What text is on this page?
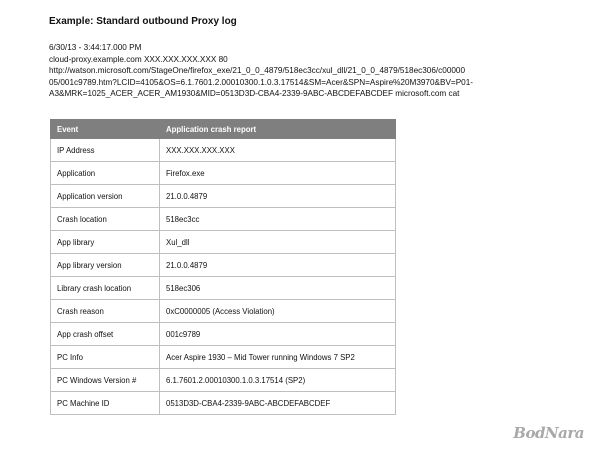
Example: Standard outbound Proxy log
6/30/13 - 3:44:17.000 PM
cloud-proxy.example.com XXX.XXX.XXX.XXX 80
http://watson.microsoft.com/StageOne/firefox_exe/21_0_0_4879/518ec3cc/xul_dll/21_0_0_4879/518ec306/c00000
05/001c9789.htm?LCID=4105&OS=6.1.7601.2.00010300.1.0.3.17514&SM=Acer&SPN=Aspire%20M3970&BV=P01-
A3&MRK=1025_ACER_ACER_AM1930&MID=0513D3D-CBA4-2339-9ABC-ABCDEFABCDEF microsoft.com cat
Event	Application crash report
IP Address	XXX.XXX.XXX.XXX
Application	Firefox.exe
Application version	21.0.0.4879
Crash location	518ec3cc
App library	Xul_dll
App library version	21.0.0.4879
Library crash location	518ec306
Crash reason	0xC0000005 (Access Violation)
App crash offset	001c9789
PC Info	Acer Aspire 1930 – Mid Tower running Windows 7 SP2
PC Windows Version #	6.1.7601.2.00010300.1.0.3.17514 (SP2)
PC Machine ID	0513D3D-CBA4-2339-9ABC-ABCDEFABCDEF
BodNara
